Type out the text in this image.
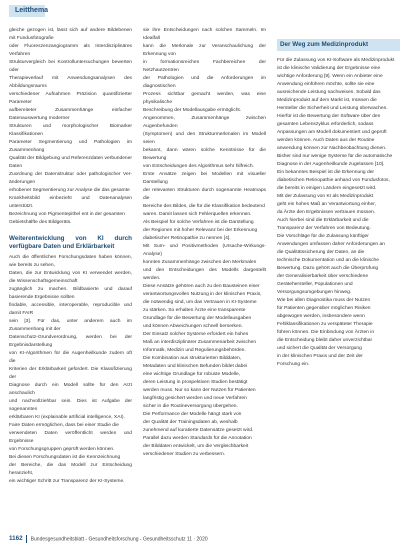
Leitthema

gleiche gezogen ist, lässt sich auf andere Bildebenen mit Fundusfotografie

oder Fluoreszenzangiogramm als Interdisziplinäres Verfahren

Strukturvergleich bei Kontrolluntersuchungen bewerten oder

Therapieverlauf mit Anwendungsanalysen des Abbildungsraums

verschiedener Aufnahmen Präzision quantifizierter Parameter

aufbereiteter Zusammenhänge einfacher Datenauswertung moderner

Strukturen und morphologischer Biomarker Klassifikationen

Parameter Segmentierung und Pathologien im Zusammenhang

Qualität der Bildgebung und Referenzdaten verbundener Daten

Zuordnung der Datenstruktur oder pathologischer Veränderungen

erhobener Segmentierung zur Analyse die das gesamte

Krankheitsbild einbezieht und Datenanalysen unterstützt.

Bezeichnung von Pigmentepithel ent in der gesamten

Gebietshälfte des Bildgeräts.

Weiterentwicklung von KI durch verfügbare Daten und Erklärbarkeit

Auch die öffentlichen Forschungsdaten haben können, wie bereits zu sehen,

Daten, die zur Entwicklung von KI verwendet werden, die Wissenschaftsgemeinschaft

zugänglich zu machen. Bildbasierte und darauf basierende Ergebnisse sollten

findable, accessible, interoperable, reproducible und damit FAIR

sein [3]. Für das, unter anderem auch im Zusammenhang mit der

Datenschutz-Grundverordnung, werden bei der Ergebnisdarstellung

von KI-Algorithmen für die Augenheilkunde zudem oft die

Kriterien der Erklärbarkeit gefordert. Die Klassifizierung der

Diagnose durch ein Modell sollte für den Arzt anschaulich

und nachvollziehbar sein. Dies ist Aufgabe der sogenannten

erklärbaren KI (explainable artificial intelligence, XAI).

Faire Daten ermöglichen, dass bei einer Studie die

verwendeten Daten veröffentlicht werden und Ergebnisse

von Forschungsgruppen geprüft werden können.

Bei diesen Forschungsdaten ist die Kennzeichnung

der Bereiche, die das Modell zur Entscheidung heranzieht,

ein wichtiger Schritt zur Transparenz der KI-Systeme.

sie ihre Entscheidungen nach solchen Sammeln. Im Idealfall

kann die Merkmale zur Veranschaulichung der Erkennung von

in formationsreichen Fachbereichen der Netzhautzentren

der Pathologien und die Anforderungen im diagnostischen

Prozess sichtbar gemacht werden, was eine physikalische

Beschreibung der Modellausgabe ermöglicht.

Angenommen, Zusammenhänge zwischen Augenbefunden

(Symptomen) und den Strukturmerkmalen im Modell seien

bekannt, dann wären solche Kenntnisse für die Bewertung

von Entscheidungen des Algorithmus sehr hilfreich.

Erste Ansätze zeigen bei Modellen mit visueller Darstellung

der relevanten Strukturen durch sogenannte Heatmaps die

Bereiche des Bildes, die für die Klassifikation bedeutend

waren. Damit lassen sich Fehlerquellen erkennen.

Als Beispiel für solche Verfahren ist die Darstellung

der Regionen mit hoher Relevanz bei der Erkennung

diabetischer Retinopathie zu nennen [4].

Mit Sum- und Positivmethoden (Ursache-Wirkungs-Analyse)

konnten Zusammenhänge zwischen den Merkmalen

und den Entscheidungen des Modells dargestellt werden.

Diese Ansätze gehören auch zu den Bausteinen einer

verantwortungsvollen Nutzung in der klinischen Praxis,

die notwendig sind, um das Vertrauen in KI-Systeme

zu stärken. So erhalten Ärzte eine transparente

Grundlage für die Bewertung der Modellausgaben

und können Abweichungen schnell bemerken.

Der Einsatz solcher Systeme erfordert ein hohes

Maß an interdisziplinärer Zusammenarbeit zwischen

Informatik, Medizin und Regulierungsbehörden.

Die Kombination aus strukturierten Bilddaten,

Metadaten und klinischen Befunden bildet dabei

eine wichtige Grundlage für robuste Modelle,

deren Leistung in prospektiven Studien bestätigt

werden muss. Nur so kann der Nutzen für Patienten

langfristig gesichert werden und neue Verfahren

sicher in die Routineversorgung übergehen.

Die Performance der Modelle hängt stark von

der Qualität der Trainingsdaten ab, weshalb

zunehmend auf kuratierte Datensätze gesetzt wird.

Parallel dazu werden Standards für die Annotation

der Bilddaten entwickelt, um die Vergleichbarkeit

verschiedener Studien zu verbessern.

Der Weg zum Medizinprodukt

Für die Zulassung von KI-Software als Medizinprodukt

ist die klinische Validierung der Ergebnisse eine

wichtige Anforderung [9]. Wenn ein Anbieter eine

Anwendung einführen möchte, sollte sie eine

ausreichende Leistung nachweisen. Sobald das

Medizinprodukt auf dem Markt ist, müssen die

Hersteller die Sicherheit und Leistung überwachen.

Hierfür ist die Bewertung der Software über den

gesamten Lebenszyklus erforderlich, sodass

Anpassungen am Modell dokumentiert und geprüft

werden können. Auch Daten aus der Routine

anwendung können zur Nachbeobachtung dienen.

Bisher sind nur wenige Systeme für die automatische

Diagnose in der Augenheilkunde zugelassen [10].

Ein bekanntes Beispiel ist die Erkennung der

diabetischen Retinopathie anhand von Fundusfotos,

die bereits in einigen Ländern eingesetzt wird.

Mit der Zulassung von KI als Medizinprodukt

geht ein hohes Maß an Verantwortung einher,

da Ärzte den Ergebnissen vertrauen müssen.

Auch hierbei sind die Erklärbarkeit und die

Transparenz der Verfahren von Bedeutung.

Die Vorschläge für die Zulassung künftiger

Anwendungen umfassen daher Anforderungen an

die Qualitätssicherung der Daten, an die

technische Dokumentation und an die klinische

Bewertung. Dazu gehört auch die Überprüfung

der Generalisierbarkeit über verschiedene

Gerätehersteller, Populationen und

Versorgungsumgebungen hinweg.

Wie bei allen Diagnostika muss der Nutzen

für Patienten gegenüber möglichen Risiken

abgewogen werden, insbesondere wenn

Fehlklassifikationen zu verspäteter Therapie

führen können. Die Einbindung von Ärzten in

die Entscheidung bleibt daher unverzichtbar

und sichert die Qualität der Versorgung

in der klinischen Praxis und der Zeit der

Forschung ein.

1162 Bundesgesundheitsblatt - Gesundheitsforschung - Gesundheitsschutz 11 · 2020
